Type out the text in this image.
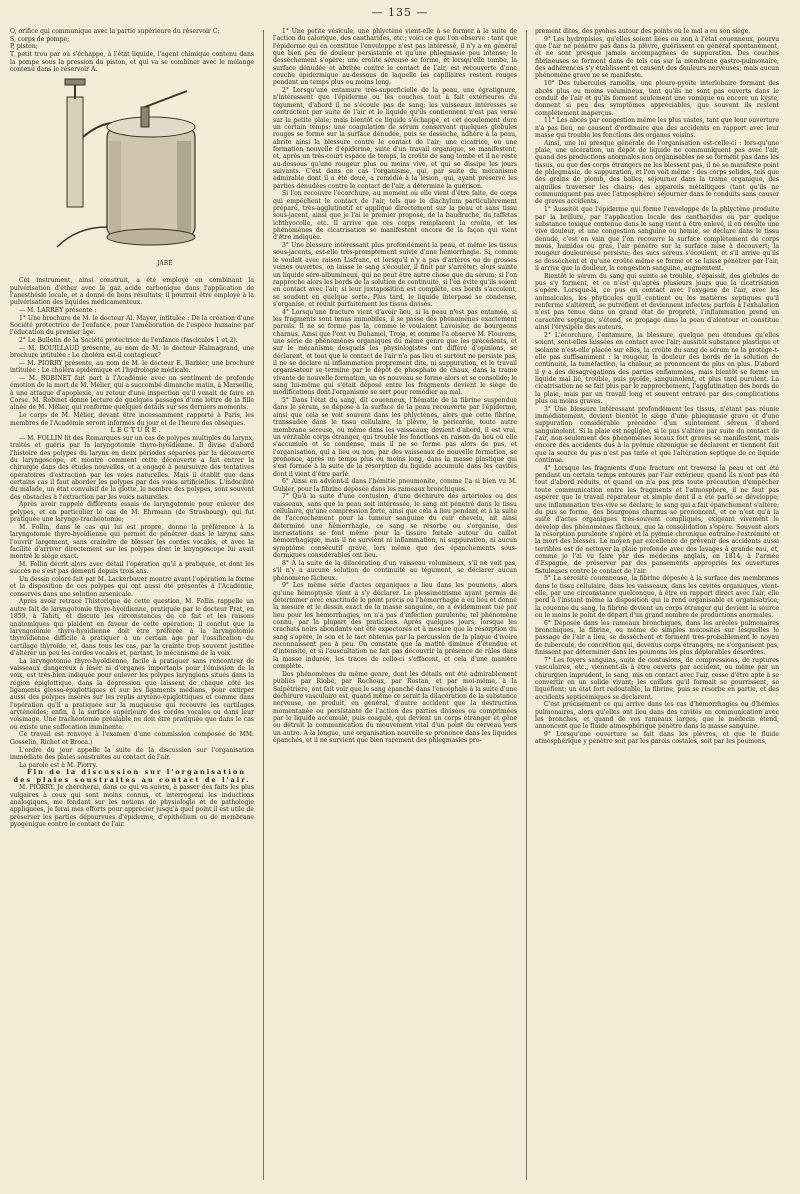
— 135 —

O, orifice qui communique avec la partie supérieure du réservoir C;

S, corps de pompe;

P, piston;

T, petit trou par où s'échappe, à l'état liquide, l'agent chimique contenu dans la pompe sous la pression du piston, et qui va se combiner avec le mélange contenu dans le réservoir A.

JABÉ

Cet instrument, ainsi construit, a été employé en combinant la pulvérisation d'éther avec le gaz acide carbonique dans l'application de l'anesthésie locale, et a donné de bons résultats; il pourrait être employé à la pulvérisation des liquides médicamenteux.

— M. LARREY présente :

1° Une brochure de M. le docteur Al. Mayer, intitulée : De la création d'une Société protectrice de l'enfance, pour l'amélioration de l'espèce humaine par l'éducation du premier âge.

2° Le Bulletin de la Société protectrice de l'enfance (fascicules 1 et 2).

— M. BOUILLAUD présente, au nom de M. le docteur Halmagrand, une brochure intitulée : Le choléra est-il contagieux?

— M. PIORRY présente, au nom de M. le docteur E. Barbier, une brochure intitulée : Le choléra épidémique et l'hydrologie médicale.

— M. ROBINET fait part à l'Académie avec un sentiment de profonde émotion de la mort de M. Mélier, qui a succombé dimanche matin, à Marseille, à une attaque d'apoplexie, au retour d'une inspection qu'il venait de faire en Corse. M. Robinet donne lecture de quelques passages d'une lettre de la fille aînée de M. Mélier, qui renferme quelques détails sur ses derniers moments.

Le corps de M. Mélier, devant être incessamment rapporté à Paris, les membres de l'Académie seront informés du jour et de l'heure des obsèques.

LECTURE.

— M. FOLLIN lit des Remarques sur un cas de polypes multiples du larynx, traités et guéris par la laryngotomie thyro-hyoïdienne. Il divise d'abord l'histoire des polypes du larynx en deux périodes séparées par la découverte du laryngoscope, et montre comment cette découverte a fait entrer la chirurgie dans des études nouvelles, et a engagé à poursuivre des tentatives opératoires d'extraction par les voies naturelles. Mais il établit que dans certains cas il faut aborder les polypes par des voies artificielles. L'indocilité du malade, un état convulsif de la glotte, le nombre des polypes, sont souvent des obstacles à l'extraction par les voies naturelles.

Après avoir rappelé différents essais de laryngotomie pour enlever des polypes, et en particulier le cas de M. Ehrmann (de Strasbourg), qui fut pratiquée une laryngo-trachéotomie;

M. Follin, dans le cas qui lui est propre, donne la préférence à la laryngotomie thyro-hyoïdienne qui permet de pénétrer dans le larynx sans l'ouvrir largement, sans craindre de blesser les cordes vocales, et avec la facilité d'arriver directement sur les polypes dont le laryngoscope lui avait montré le siège exact.

M. Follin décrit alors avec détail l'opération qu'il a pratiquée, et dont les succès ne s'est pas démenti depuis trois ans.

Un dessin coloré fait par M. Lackerbauer montre avant l'opération la forme et la disposition de ces polypes qui ont aussi été présentés à l'Académie, conservés dans une solution arsenicale.

Après avoir retracé l'historique de cette question, M. Follin rappelle un autre fait de laryngotomie thyro-hyoïdienne, pratiquée par le docteur Prat, en 1859, à Tahiti, et discute les circonstances de ce fait et les raisons anatomiques qui plaident en faveur de cette opération; il conclut que la laryngotomie thyro-hyoïdienne doit être préférée à la laryngotomie thyroïdienne difficile à pratiquer à un certain âge par l'ossification du cartilage thyroïde, et, dans tous les cas, par la crainte trop souvent justifiée d'altérer un peu les cordes vocales et, partant, le mécanisme de la voix.

La laryngotomie thyro-hyoïdienne, facile à pratiquer sans rencontrer de vaisseaux dangereux à léser ni d'organes importants pour l'émission de la voix, est très-bien indiquée pour enlever les polypes laryngiens situés dans la région épiglottique, dans la dépression que laissent de chaque côté les ligaments glosso-épiglottiques et sur les ligaments médians, pour extirper aussi des polypes insérés sur les replis aryténo-épiglottiques et comme dans l'opération qu'il a pratiquée sur la muqueuse qui recouvre les cartilages aryténoïdes; enfin, à la surface supérieure des cordes vocales ou dans leur voisinage. Une trachéotomie préalable ne doit être pratiquée que dans le cas où existe une suffocation imminente.

Ce travail est renvoyé à l'examen d'une commission composée de MM. Gosselin, Richet et Broca.)

L'ordre du jour appelle la suite de la discussion sur l'organisation immédiate des plaies soustraites au contact de l'air.

La parole est à M. Piorry.

Fin de la discussion sur l'organisation des plaies soustraites au contact de l'air.

M. PIORRY. Je chercherai, dans ce qui va suivre, à passer des faits les plus vulgaires à ceux qui sont moins connus, et interrogerai les inductions analogiques, me fondant sur les notions de physiologie et de pathologie appliquées, je ferai mes efforts pour apprécier jusqu'à quel point il est utile de préserver les parties dépourvues d'épiderme, d'épithélium ou de membrane pyogénique contre le contact de l'air.

1° Une petite vésicule, une phlyctène vient-elle à se former à la suite de l'action du calorique, des cantharides, etc.; voici ce que l'on observe : tant que l'épiderme qui en constitue l'enveloppe n'est pas intéressé, il n'y a en général que bien peu de douleur persistante et qu'une phlegmasie peu intense; le dessèchement s'opère; une croûte séreuse se forme, et lorsqu'elle tombe, la surface dénudée et abritée contre le contact de l'air, est recouverte d'une couche épidermique au-dessous de laquelle les capillaires restent rouges pendant un temps plus ou moins long.

2° Lorsqu'une entamure très-superficielle de la peau, une égratignure, n'intéressent que l'épiderme ou les couches tout à fait extérieures du tégument, d'abord il ne s'écoule pas de sang; les vaisseaux intéressés se contractent par suite de l'air et le liquide qu'ils contiennent n'est pas versé sur la petite plaie; mais bientôt ce liquide s'échappe, et cet écoulement dure un certain temps; une coagulation de sérum conservant quelques globules rouges se forme sur la surface dénudée, puis se dessèche, adhère à la peau, abrite ainsi la blessure contre le contact de l'air; une cicatrice, ou une formation nouvelle d'épiderme, suite d'un travail organique, se manifestent, et, après un très-court espace de temps, la croûte de sang tombe et il ne reste au-dessous qu'une rougeur plus ou moins vive, et qui se dissipe les jours suivants. C'est dans ce cas l'organisme, qui, par suite du mécanisme admirable dont il a été doué, a remédié à la lésion, qui, ayant préservé les parties dénudées contre le contact de l'air, a déterminé la guérison.

Si l'on recouvre l'écorchure, au moment où elle vient d'être faite, de corps qui empêchent le contact de l'air, tels que le diachylum particulièrement préparé, très-agglutinatif et appliqué directement sur la peau et sans tissu sous-jacent, ainsi que je l'ai le premier proposé, de la baudruche, du taffetas ichthyocolle, etc. Il arrive que ces corps remplacent la croûte, et les phénomènes de cicatrisation se manifestent encore de la façon qui vient d'être indiquée.

3° Une blessure intéressant plus profondément la peau, et même les tissus sous-jacents, est-elle très-promptement suivie d'une hémorrhagie. Si, comme le voulait avec raison Lisfranc, et lorsqu'il n'y a pas d'artères ou de grosses veines ouvertes, on laisse le sang s'écouler, il finit par s'arrêter; alors suinte un liquide séro-albumineux, qui ne peut être autre chose que du sérum; si l'on rapproche alors les bords de la solution de continuité, si l'on évite qu'ils soient en contact avec l'air, si leur juxtaposition est complète, ces bords s'accolent, se soudent en quelque sorte. Plus tard, le liquide interposé se condense, s'organise, et réunit parfaitement les tissus divisés.

4° Lorsqu'une fracture vient d'avoir lieu, si la peau n'est pas entamée, si les fragments sont tenus immobiles, il se passe des phénomènes exactement pareils. Il ne se forme pas là, comme le voulaient Lavoisier, de bourgeons charnus. Ainsi que l'ont vu Duhamel, Troja, et comme l'a observé M. Flourens, une série de phénomènes organiques du même genre que les précédents, et sur le mécanisme desquels les physiologistes ont différé d'opinions, se déclarent, et tout que le contact de l'air n'a pas lieu et surtout ne persiste pas, il ne se déclare ni inflammation proprement dite, ni suppuration, et le travail organisateur se termine par le dépôt de phosphate de chaux, dans la trame vivante de nouvelle formation, un os nouveau se forme alors et se consolide; le sang lui-même qui s'était déposé entre les fragments devient le siège de modifications dont l'organisme se sert pour remédier au mal.

5° Dans l'état du sang, dit couenneux, l'hématie de la fibrine suspendue dans le sérum, se dépose à la surface de la peau recouverte par l'épiderme, ainsi que cela se voit souvent dans les phlyctènes, alors que cette fibrine, transsudée dans le tissu cellulaire, la plèvre, le péricarde, toute autre membrane séreuse, ou même dans les vaisseaux; devient d'abord, il est vrai, un véritable corps étranger, qui trouble les fonctions en raison du lieu où elle s'accumule et se condense, mais il ne se forme pas alors de pus, et l'organisation, qui a lieu ou non, par des vaisseaux de nouvelle formation, se prononce, après un temps plus ou moins long, dans la masse plastique qui s'est formée à la suite de la résorption du liquide accumulé dans les cavités dont il vient d'être parlé.

6° Ainsi en advient-il dans l'hémitie pneumonite, comme l'a si bien vu M. Gubler, pour la fibrine déposée dans les rameaux bronchiques.

7° Qu'à la suite d'une contusion, d'une déchirure des artérioles ou des vaisseaux, sans que la peau soit intéressée, le sang ait pénétré dans le tissu cellulaire, qu'une compression forte, ainsi que cela a lieu pendant et à la suite de l'accouchement pour la tumeur sanguine du cuir chevelu, ait ainsi déterminé une hémorrhagie, ce sang se résorbe ou s'organise, des incrustations se font même pour la tissure fœtale autour du caillot hémorrhagique, mais il ne survient ni inflammation, ni suppuration, ni aucun symptôme consécutif grave, lors même que des épanchements sous-dermiques considérables ont lieu.

8° A la suite de la dilacération d'un vaisseau volumineux, s'il ne voit pas, s'il n'y a aucune solution de continuité au tégument, se déclarer aucun phénomène fâcheux.

9° Les même série d'actes organiques a lieu dans les poumons, alors qu'une hémoptysie vient à s'y déclarer. Le plessimétrisme ayant permis de déterminer avec exactitude le point précis où l'hémorrhagie a eu lieu et donné la mesure et le dessin exact de la masse sanguine, on a évidemment tué par lieu pour les hémorrhagies, on n'a pas d'infection purulente; tel phénomène connu, par la plupart des praticiens. Après quelques jours, lorsque les crachats noirs abondants ont été expectorés et à mesure que la résorption du sang s'opère, le son et le tact obtenus par la percussion de la plaque d'ivoire reconnaissent peu à peu. On constate que la matité diminue d'étendue et d'intensité, et si l'auscultation ne fait pas découvrir la présence de râles dans la masse indurée, les traces de cello-ci s'effacent, et cela d'une manière complète.

Des phénomènes du même genre, dont les détails ont été admirablement publiés par Riobé, par Rochoux, par Rostan, et par moi-même, à la Salpêtrière, ont fait voir que le sang épanché dans l'encéphale à la suite d'une déchirure vasculaire est, quand même ce serait la dilacération de la substance nerveuse, ne produit, en général, d'autre accident que la destruction momentanée ou persistante de l'action des parties divisées ou comprimées par le liquide accumulé, puis coagulé, qui devient un corps étranger et gêne ou détruit la communication du mouvement vital d'un point du cerveau vers un autre. A la longue, une organisation nouvelle se prononce dans les liquides épanchés, et il ne survient que bien rarement des phlegmasies pro-

prement dites, des pyohes autour des points où le mal a eu son siège.

9° Les hydropisies, qu'elles soient liées ou non à l'état couenneux, pourvu que l'air ne pénètre pas dans la plèvre, guérissent en général spontanément, et ne sont presque jamais accompagnées de suppuration. Des couches fibrineuses se forment dans de tels cas sur la membrane gastro-pulmonaire, des adhérences s'y établissent et causent des douleurs nerveuses; mais aucun phénomène grave ne se manifeste.

10° Des tubercules ramollis, une pleuro-pyoïte interlobaire formant des abcès plus ou moins volumineux, tant qu'ils ne sont pas ouverts dans le conduit de l'air et qu'ils forment seulement une vomique ou encore un kyste, donnent si peu des symptômes appréciables, que souvent ils restent complètement inaperçus.

11° Les abcès par congestion même les plus vastes, tant que leur ouverture n'a pas lieu, ne causent d'ordinaire que des accidents en rapport avec leur masse qui trouble les fonctions des organes voisins.

Ainsi, une loi presque générale de l'organisation est-celle-ci : lors-qu'une plaie, une ulcération, un dépôt de liquide ne communiquent pas avec l'air, quand des productions anormales non organisables ne se forment pas dans les tissus, ou que des corps étrangers ne les blessent pas, il ne se manifeste point de phlegmasie, de suppuration, et l'on voit même : des corps solides, tels que des grains de plomb, des balles, séjourner dans la trame organique, des aiguilles traverser les chairs; des appareils métalliques (tant qu'ils ne communiquent pas avec l'atmosphère) séjourner dans le conduits sans causer de graves accidents.

1° Aussitôt que l'épiderme qui forme l'enveloppe de la phlyctène produite par la brûlure, par l'application locale des cantharides ou par quelque substance toxique contenue dans le sang vient à être enlevé, il en résulte une vive douleur, et une congestion sanguine ou hémie, se déclare dans le tissu dénudé, c'est en vain que l'on recouvre la surface complètement de corps mous, humides ou gras, l'air pénètre sur la surface mise à découvert; la rougeur douloureuse persiste; des sucs séreux s'écoulent, et s'il arrive qu'ils se dessèchent et qu'une croûte même se forme et se laisse pénétrer par l'air, il arrive que la douleur, la congestion sanguine, augmentent.

Bientôt le sérum du sang qui suinte se trouble, s'épaissit, des globules de pus s'y forment, et ce n'est qu'après plusieurs jours que la cicatrisation s'opère. Lorsque-là, ce pus en contact avec l'oxygène de l'air, avec les animalcules, les phyticules qu'il contient ou les matières septiques qu'il renferme s'altèrent, se putréfient et deviennent infectes; parfois à l'exhalation n'est pas tenue dans un grand état de propreté, l'inflammation prend un caractère septique, s'étend, se propage dans la peau d'alentour et constitue ainsi l'érysipèle des auteurs.

2° L'écorchure, l'entamure, la blessure, quelque peu étendues qu'elles soient, sont-elles laissées en contact avec l'air; aussitôt substance plastique et isolante n'est-elle placée sur elles, la croûte du sang de sérum ne la protège-t-elle pas suffisamment : la rougeur, la douleur des bords de la solution de continuité, la tuméfaction, la chaleur, se prononcent de plus en plus. D'abord il y a des désagrégations des parties enflammées, mais bientôt se forme un liquide mal lié, trouble, puis pyoïde, sanguinolent, et plus tard purulent. La cicatrisation ne se fait plus par le rapprochement, l'agglutination des bords de la plaie, mais par un travail long et souvent entravé par des complications plus ou moins graves.

3° Une blessure intéressant profondément les tissus, n'étant pas réunie immédiatement, devient bientôt le siège d'une phlegmasie grave et d'une suppuration considérable précédée d'un suintement séreux d'abord sanguinolent. Si la plaie est négligée, si le pus s'altère par suite du contact de l'air, non-seulement des phénomènes locaux fort graves se manifestent, mais encore des accidents dus à la pyémie chronique se déclarent et tiennent fait que la source du pus n'est pas tarie et que l'altération septique de ce liquide continue.

4° Lorsque les fragments d'une fracture ont traversé la peau et ont été pendant un certain temps entourés par l'air extérieur, quand ils n'ont pas été tout d'abord réduits, et quand on n'a pas pris toute précaution d'empêcher toute communication entre les fragments et l'atmosphère, il ne faut pas espérer que le travail réparateur et simple dont il a été parlé se développe; une inflammation très-vive se déclare; le sang qui a fait épanchement s'altère; du pus se forme, des bourgeons charnus se prononcent, et ce n'est qu'à la suite d'actes organiques très-souvent compliqués, exigeant vivement le dévelop des phénomènes fâcheux, que la consolidation s'opère. Souvent alors la résorption purulente s'opère et la pyémie chronique entraîne l'extrémité et la mort des blessés. Le moyen par excellence de prévenir des accidents aussi terribles est de nettoyer la plaie profonde avec des lavages à grande eau, et, comme je l'ai vu faire par des médecins anglais, en 1814, à l'armée d'Espagne, de préserver par des pansements appropriés les ouvertures fistuleuses contre le contact de l'air.

5° La sérosité couenneuse, la fibrine déposée à la surface des membranes dans le tissu cellulaire, dans les vaisseaux, dans les cavités organiques, vient-elle, par une circonstance quelconque, à être en rapport direct avec l'air, elle perd à l'instant même la disposition qui la rend organisable et organisatrice; la couenne du sang, la fibrine devient un corps étranger qui devient la source ou le moins le point de départ d'un grand nombre de productions anormales.

6° Déposée dans les rameaux bronchiques, dans les aréoles pulmonaires bronchiques, la fibrine, ou même de simples mucosités sur lesquelles le passage de l'air a lieu, se dessèchent et forment très-probablement le noyau de tubercule, de concrétion qui, devenus corps étrangers, ne s'organisent pas, finissent par déterminer dans les poumons les plus déplorables désordres.

7° Les foyers sanguins, suite de contusions, de compressions, de ruptures vasculaires, etc., viennent-ils à être ouverts par accident, ou même par un chirurgien imprudent, le sang, mis en contact avec l'air, cesse d'être apte à se convertir en un solide vivant; les caillots qu'il formait se pourrissent, se liquéfient; un état fort redoutable, la fibrine, puis se résorbe en partie, et des accidents septicémiques se déclarent.

C'est précisément ce qui arrive dans les cas d'hémorrhagies ou d'hémies pulmonaires, alors qu'elles ont lieu dans des cavités en communication avec les bronches, et quand de vos rameaux larges, que le médecin étend, annoncent que le fluide atmosphérique pénètre dans la masse sanguine.

9° Lorsqu'une ouverture se fait dans les plèvres, et que le fluide atmosphérique y pénètre soit par les parois costales, soit par les poumons,
